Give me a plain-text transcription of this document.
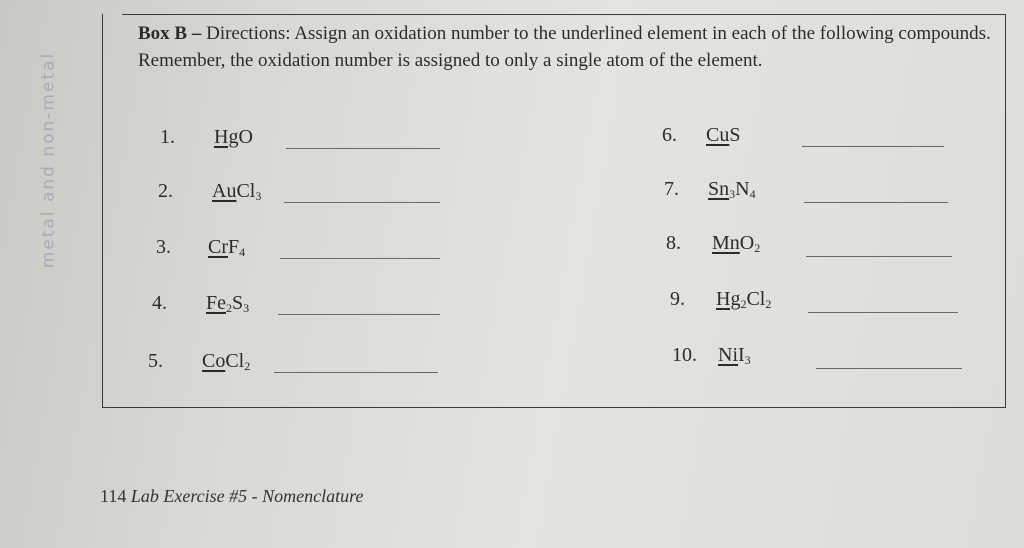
metal and non-metal
Box B – Directions: Assign an oxidation number to the underlined element in each of the following compounds. Remember, the oxidation number is assigned to only a single atom of the element.
1.	HgO
2.	AuCl$_3$
3.	CrF$_4$
4.	$Fe_2S_3$
5.	CoCl$_2$
6.	CuS
7.	$Sn_3N_4$
8.	MnO$_2$
9.	$Hg_2Cl_2$
10.	NiI$_3$
114 Lab Exercise #5 - Nomenclature
